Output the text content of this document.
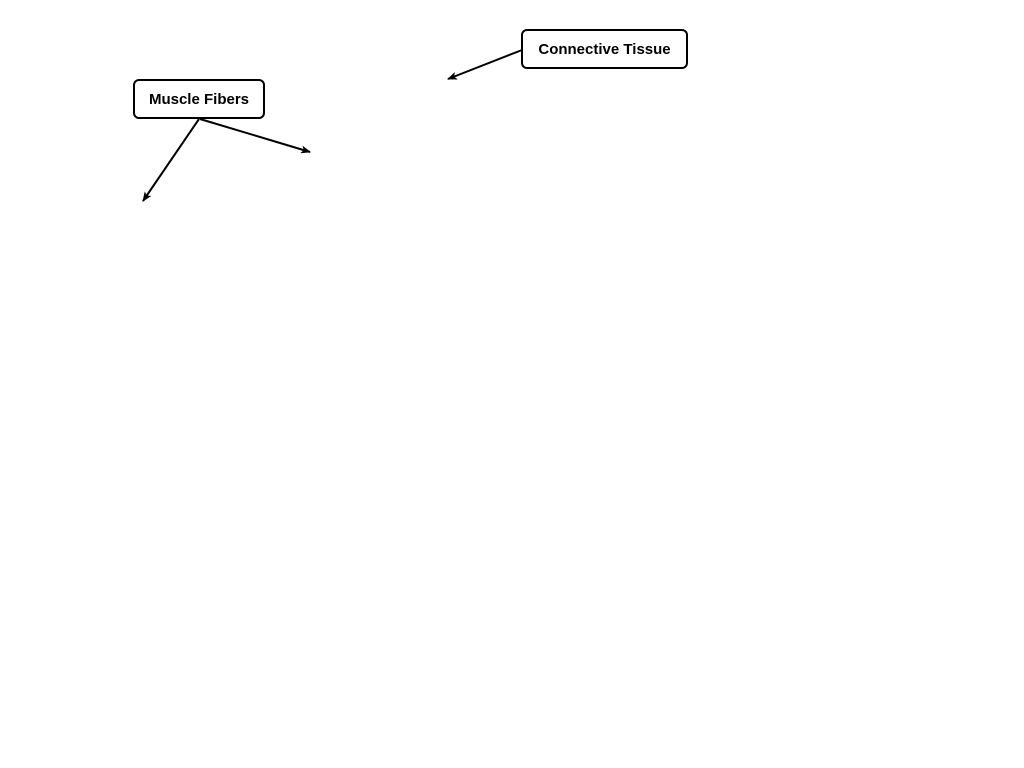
Muscle Fibers
Connective Tissue
